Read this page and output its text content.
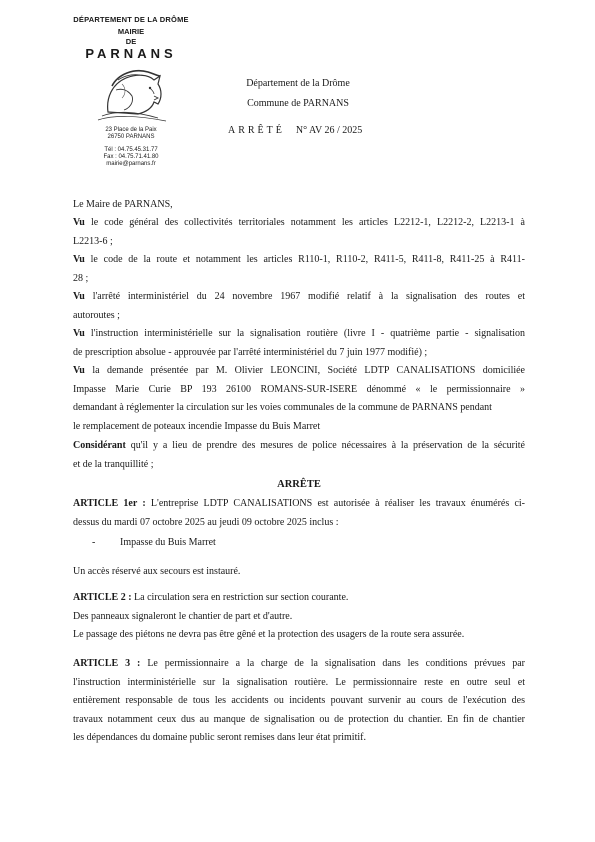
DÉPARTEMENT DE LA DRÔME
MAIRIE
DE
PARNANS
23 Place de la Paix
26750 PARNANS
Tél : 04.75.45.31.77
Fax : 04.75.71.41.80
mairie@parnans.fr
Département de la Drôme
Commune de PARNANS
ARRÊTÉ N° AV 26 / 2025
Le Maire de PARNANS,
Vu le code général des collectivités territoriales notamment les articles L2212-1, L2212-2, L2213-1 à
L2213-6 ;
Vu le code de la route et notamment les articles R110-1, R110-2, R411-5, R411-8, R411-25 à R411-
28 ;
Vu l'arrêté interministériel du 24 novembre 1967 modifié relatif à la signalisation des routes et
autoroutes ;
Vu l'instruction interministérielle sur la signalisation routière (livre I - quatrième partie - signalisation
de prescription absolue - approuvée par l'arrêté interministériel du 7 juin 1977 modifié) ;
Vu la demande présentée par M. Olivier LEONCINI, Société LDTP CANALISATIONS domiciliée
Impasse Marie Curie BP 193 26100 ROMANS-SUR-ISERE dénommé « le permissionnaire »
demandant à réglementer la circulation sur les voies communales de la commune de PARNANS pendant
le remplacement de poteaux incendie Impasse du Buis Marret
Considérant qu'il y a lieu de prendre des mesures de police nécessaires à la préservation de la sécurité
et de la tranquillité ;
ARRÊTE
ARTICLE 1er : L'entreprise LDTP CANALISATIONS est autorisée à réaliser les travaux énumérés ci-
dessus du mardi 07 octobre 2025 au jeudi 09 octobre 2025 inclus :
- Impasse du Buis Marret
Un accès réservé aux secours est instauré.
ARTICLE 2 : La circulation sera en restriction sur section courante.
Des panneaux signaleront le chantier de part et d'autre.
Le passage des piétons ne devra pas être gêné et la protection des usagers de la route sera assurée.
ARTICLE 3 : Le permissionnaire a la charge de la signalisation dans les conditions prévues par
l'instruction interministérielle sur la signalisation routière. Le permissionnaire reste en outre seul et
entièrement responsable de tous les accidents ou incidents pouvant survenir au cours de l'exécution des
travaux notamment ceux dus au manque de signalisation ou de protection du chantier. En fin de chantier
les dépendances du domaine public seront remises dans leur état primitif.
